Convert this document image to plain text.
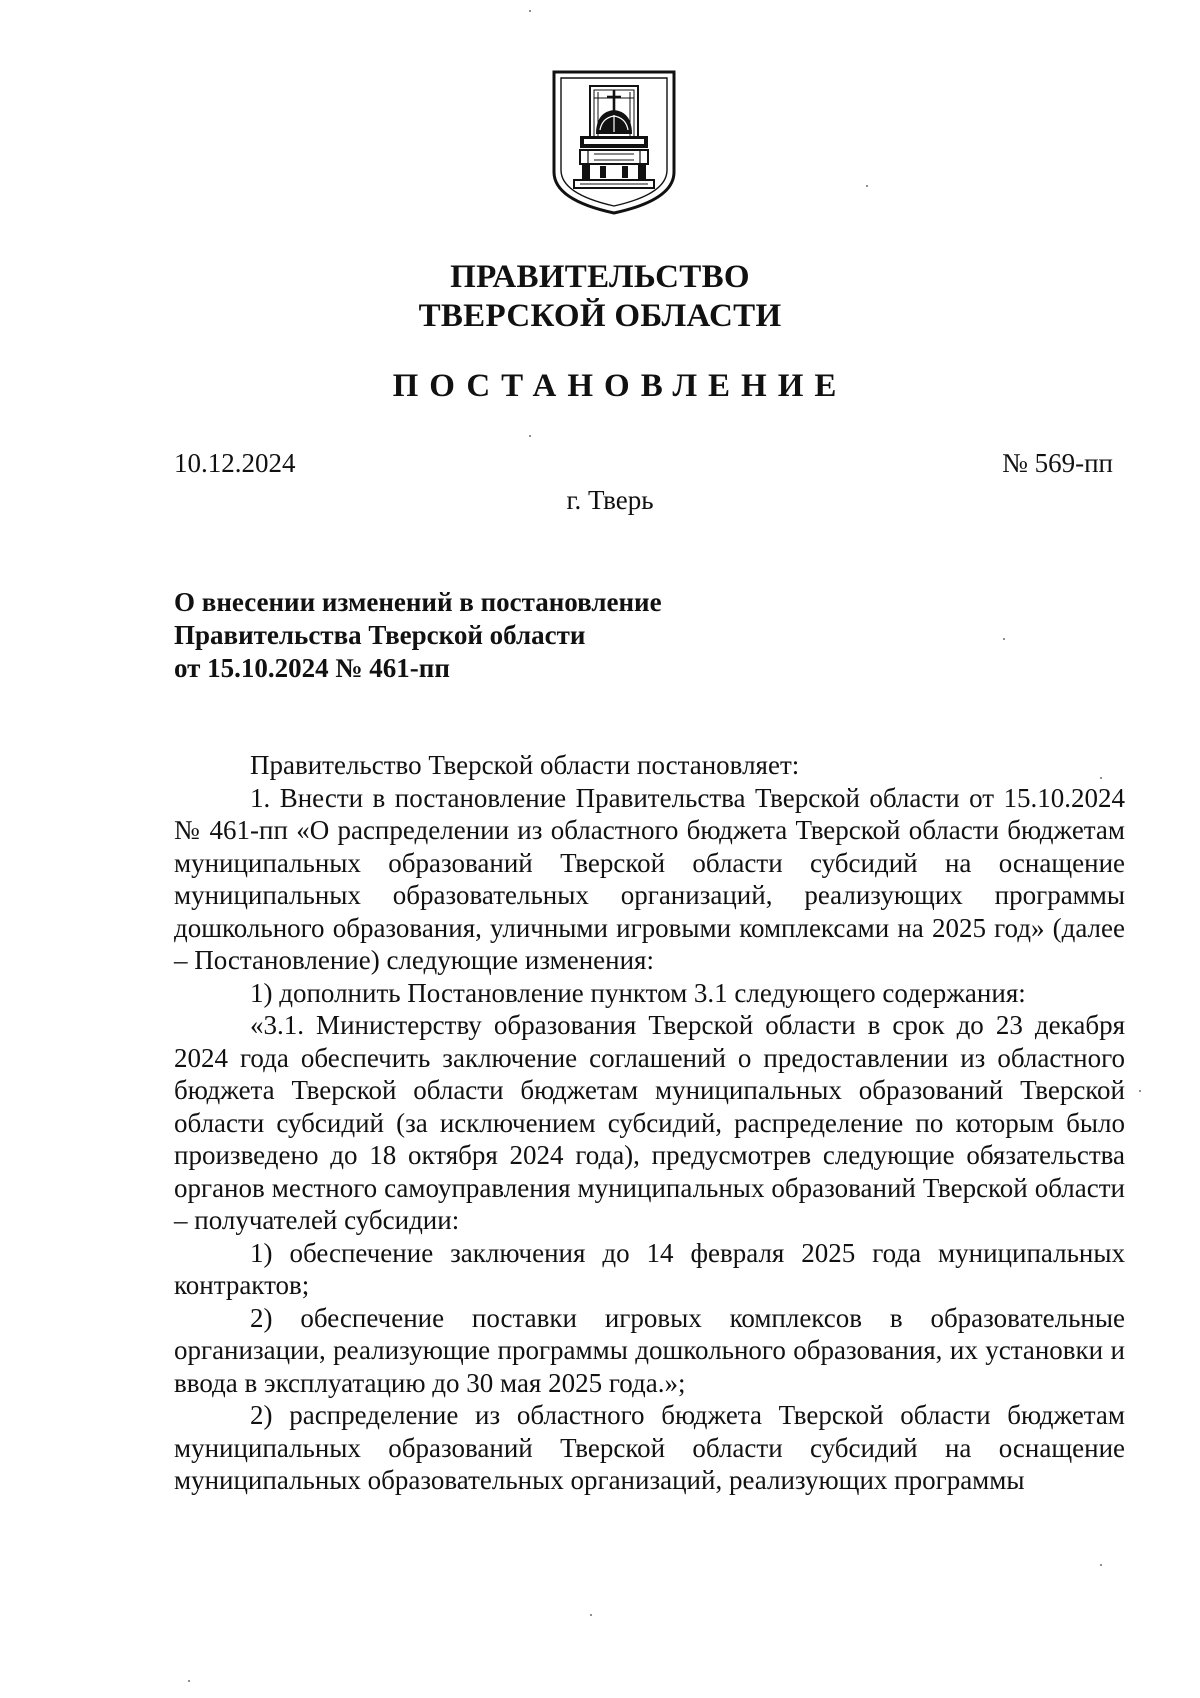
ПРАВИТЕЛЬСТВО
ТВЕРСКОЙ ОБЛАСТИ
ПОСТАНОВЛЕНИЕ
10.12.2024	№ 569-пп
г. Тверь
О внесении изменений в постановление
Правительства Тверской области
от 15.10.2024 № 461-пп

Правительство Тверской области постановляет:

1. Внести в постановление Правительства Тверской области от 15.10.2024 № 461-пп «О распределении из областного бюджета Тверской области бюджетам муниципальных образований Тверской области субсидий на оснащение муниципальных образовательных организаций, реализующих программы дошкольного образования, уличными игровыми комплексами на 2025 год» (далее – Постановление) следующие изменения:

1) дополнить Постановление пунктом 3.1 следующего содержания:

«3.1. Министерству образования Тверской области в срок до 23 декабря 2024 года обеспечить заключение соглашений о предоставлении из областного бюджета Тверской области бюджетам муниципальных образований Тверской области субсидий (за исключением субсидий, распределение по которым было произведено до 18 октября 2024 года), предусмотрев следующие обязательства органов местного самоуправления муниципальных образований Тверской области – получателей субсидии:

1) обеспечение заключения до 14 февраля 2025 года муниципальных контрактов;

2) обеспечение поставки игровых комплексов в образовательные организации, реализующие программы дошкольного образования, их установки и ввода в эксплуатацию до 30 мая 2025 года.»;

2) распределение из областного бюджета Тверской области бюджетам муниципальных образований Тверской области субсидий на оснащение муниципальных образовательных организаций, реализующих программы
